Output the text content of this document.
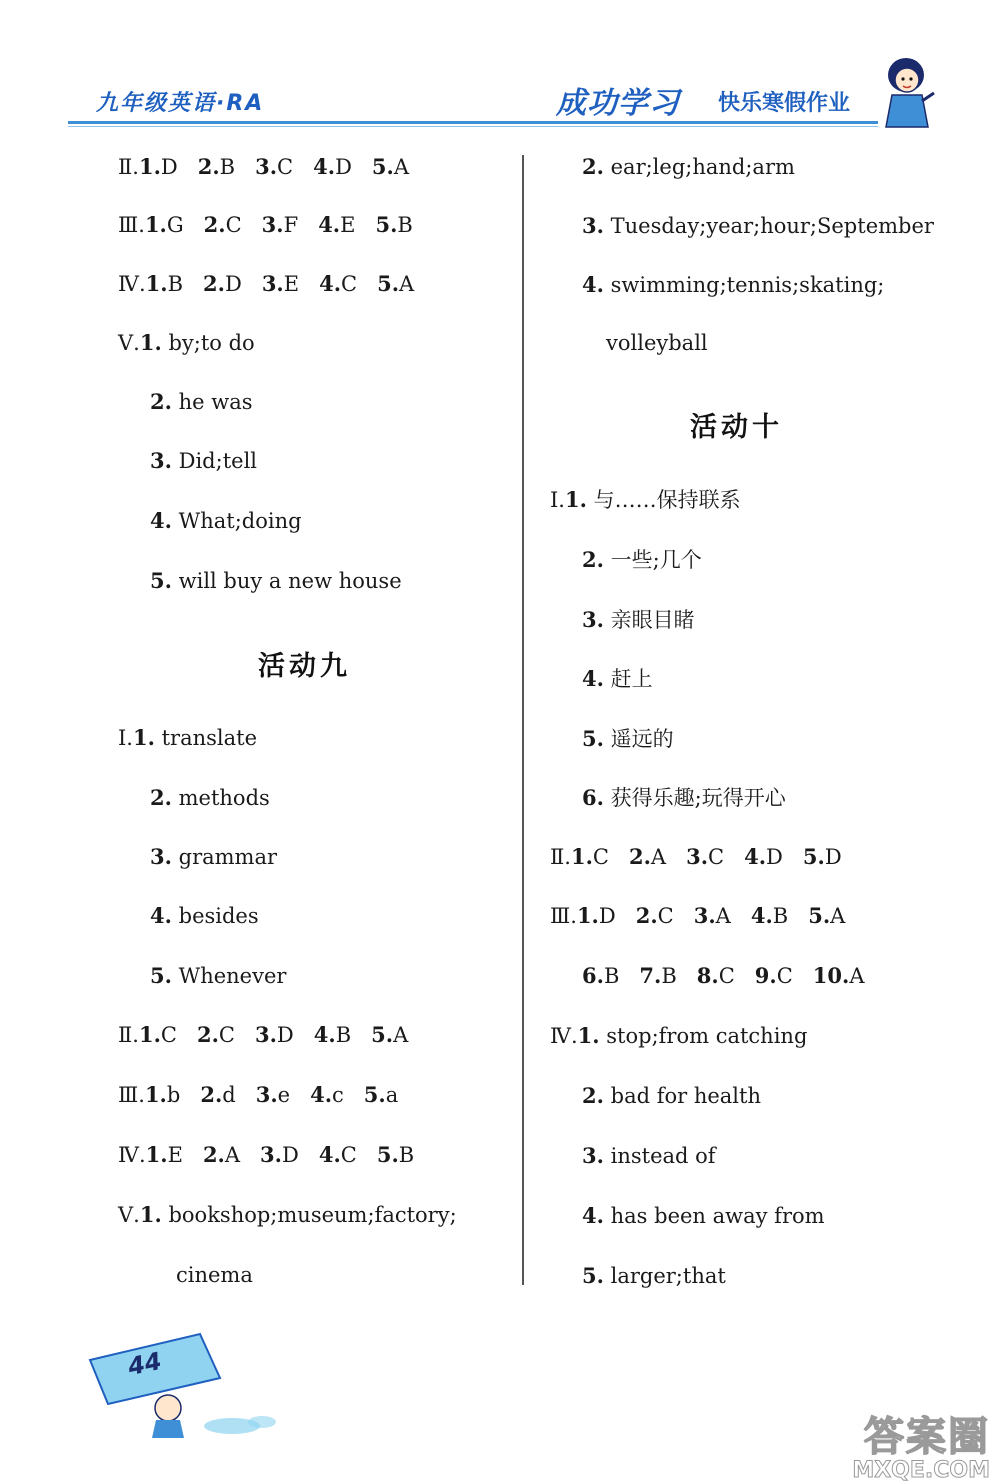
九年级英语·RA	成功学习 快乐寒假作业
Ⅱ.1.D 2.B 3.C 4.D 5.A
Ⅲ.1.G 2.C 3.F 4.E 5.B
Ⅳ.1.B 2.D 3.E 4.C 5.A
Ⅴ.1. by;to do
2. he was
3. Did;tell
4. What;doing
5. will buy a new house
活动九
Ⅰ.1. translate
2. methods
3. grammar
4. besides
5. Whenever
Ⅱ.1.C 2.C 3.D 4.B 5.A
Ⅲ.1.b 2.d 3.e 4.c 5.a
Ⅳ.1.E 2.A 3.D 4.C 5.B
Ⅴ.1. bookshop;museum;factory;
cinema
2. ear;leg;hand;arm
3. Tuesday;year;hour;September
4. swimming;tennis;skating;
volleyball
活动十
Ⅰ.1. 与……保持联系
2. 一些;几个
3. 亲眼目睹
4. 赶上
5. 遥远的
6. 获得乐趣;玩得开心
Ⅱ.1.C 2.A 3.C 4.D 5.D
Ⅲ.1.D 2.C 3.A 4.B 5.A
6.B 7.B 8.C 9.C 10.A
Ⅳ.1. stop;from catching
2. bad for health
3. instead of
4. has been away from
5. larger;that
44
答案圈
MXQE.COM
